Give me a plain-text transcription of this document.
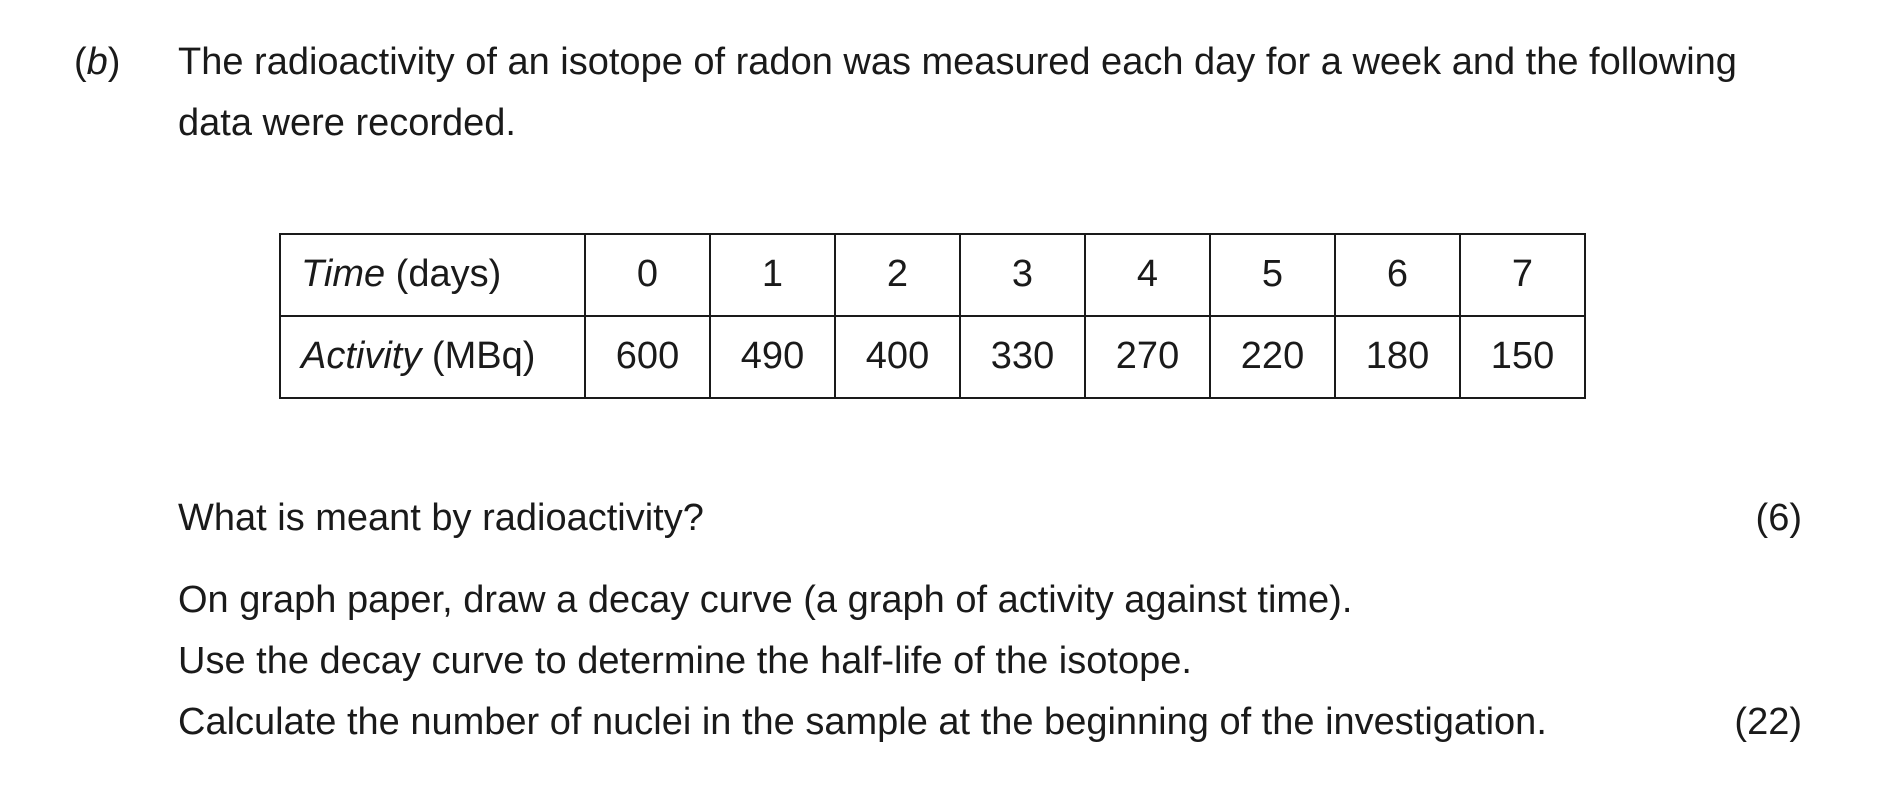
(b) The radioactivity of an isotope of radon was measured each day for a week and the following
data were recorded.
Time (days)	0	1	2	3	4	5	6	7
Activity (MBq)	600	490	400	330	270	220	180	150
What is meant by radioactivity?	(6)
On graph paper, draw a decay curve (a graph of activity against time).
Use the decay curve to determine the half-life of the isotope.
Calculate the number of nuclei in the sample at the beginning of the investigation.	(22)
